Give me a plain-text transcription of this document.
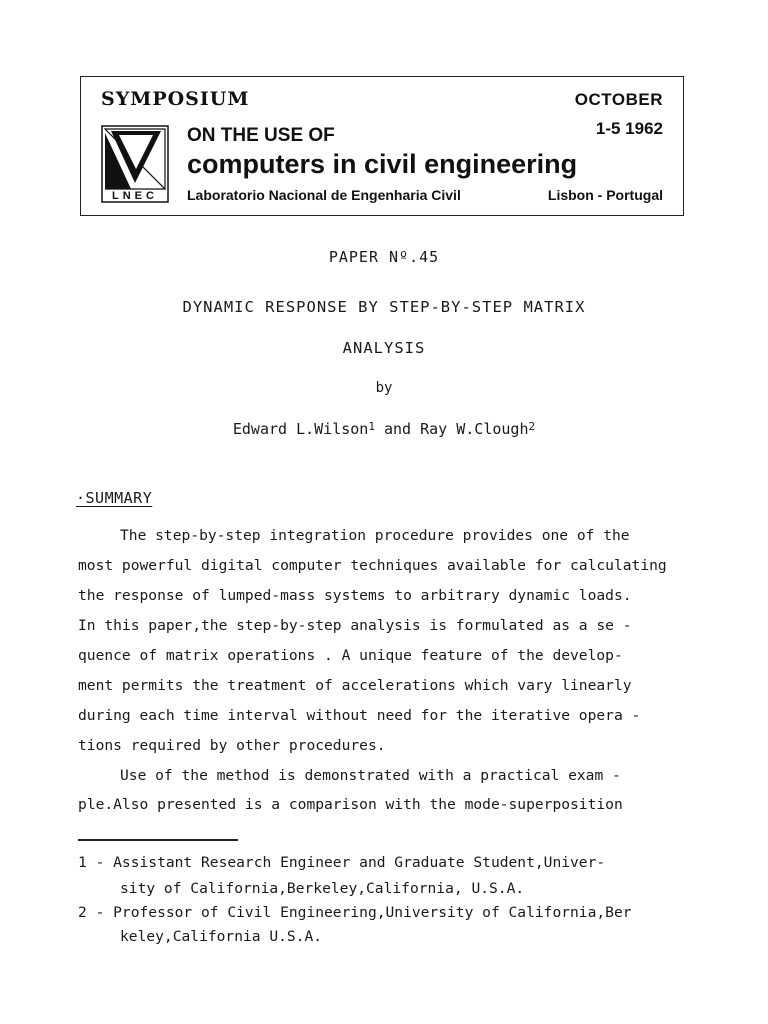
SYMPOSIUM	OCTOBER
1-5 1962
LNEC
ON THE USE OF
computers in civil engineering
Laboratorio Nacional de Engenharia Civil	Lisbon - Portugal
PAPER Nº.45
DYNAMIC RESPONSE BY STEP-BY-STEP MATRIX
ANALYSIS
by
Edward L.Wilson$^1$ and Ray W.Clough$^2$
·SUMMARY
The step-by-step integration procedure provides one of the
most powerful digital computer techniques available for calculating
the response of lumped-mass systems to arbitrary dynamic loads.
In this paper,the step-by-step analysis is formulated as a se -
quence of matrix operations . A unique feature of the develop-
ment permits the treatment of accelerations which vary linearly
during each time interval without need for the iterative opera -
tions required by other procedures.
Use of the method is demonstrated with a practical exam -
ple.Also presented is a comparison with the mode-superposition
1 - Assistant Research Engineer and Graduate Student,Univer-
sity of California,Berkeley,California, U.S.A.
2 - Professor of Civil Engineering,University of California,Ber
keley,California U.S.A.
